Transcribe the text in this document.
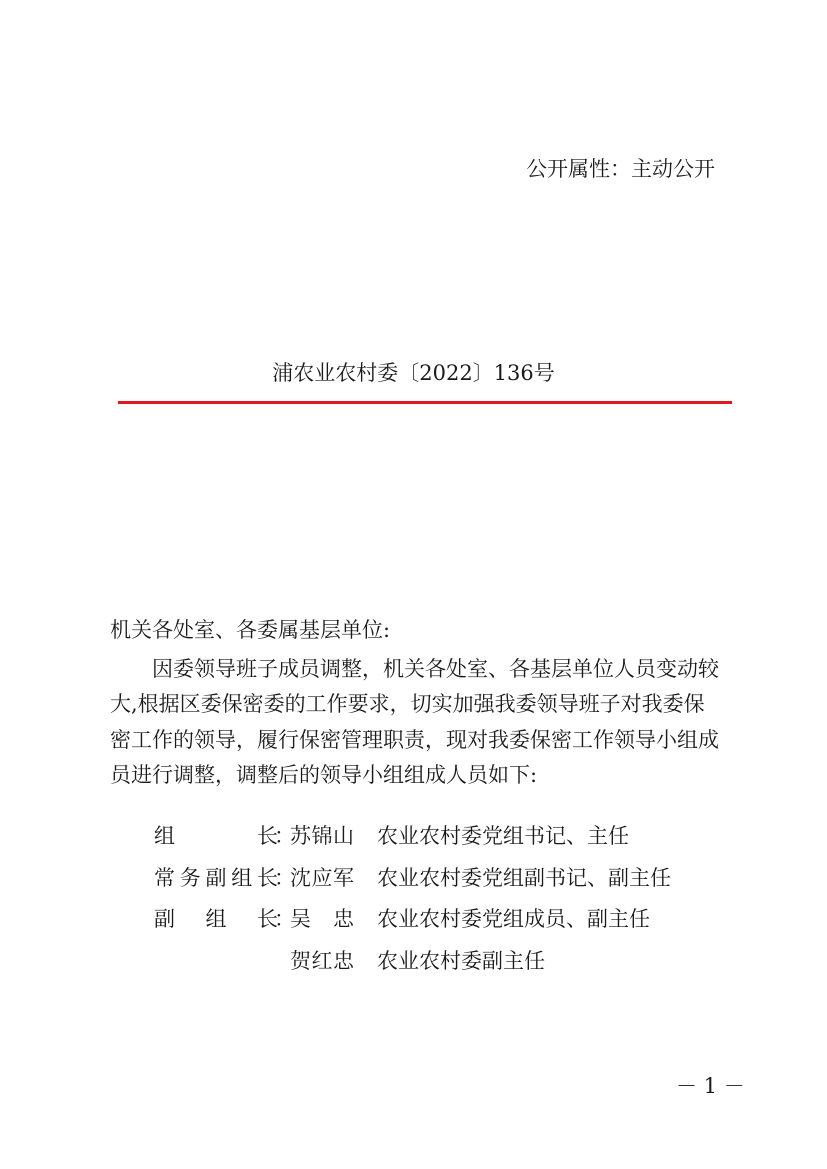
公开属性：主动公开
浦农业农村委〔2022〕136号
机关各处室、各委属基层单位:
因委领导班子成员调整，机关各处室、各基层单位人员变动较大,根据区委保密委的工作要求，切实加强我委领导班子对我委保密工作的领导，履行保密管理职责，现对我委保密工作领导小组成员进行调整，调整后的领导小组组成人员如下:
组长
：
苏锦山 农业农村委党组书记、主任
常务副组长
：
沈应军 农业农村委党组副书记、副主任
副组长
：
吴忠 农业农村委党组成员、副主任
贺红忠 农业农村委副主任
－ 1 －
